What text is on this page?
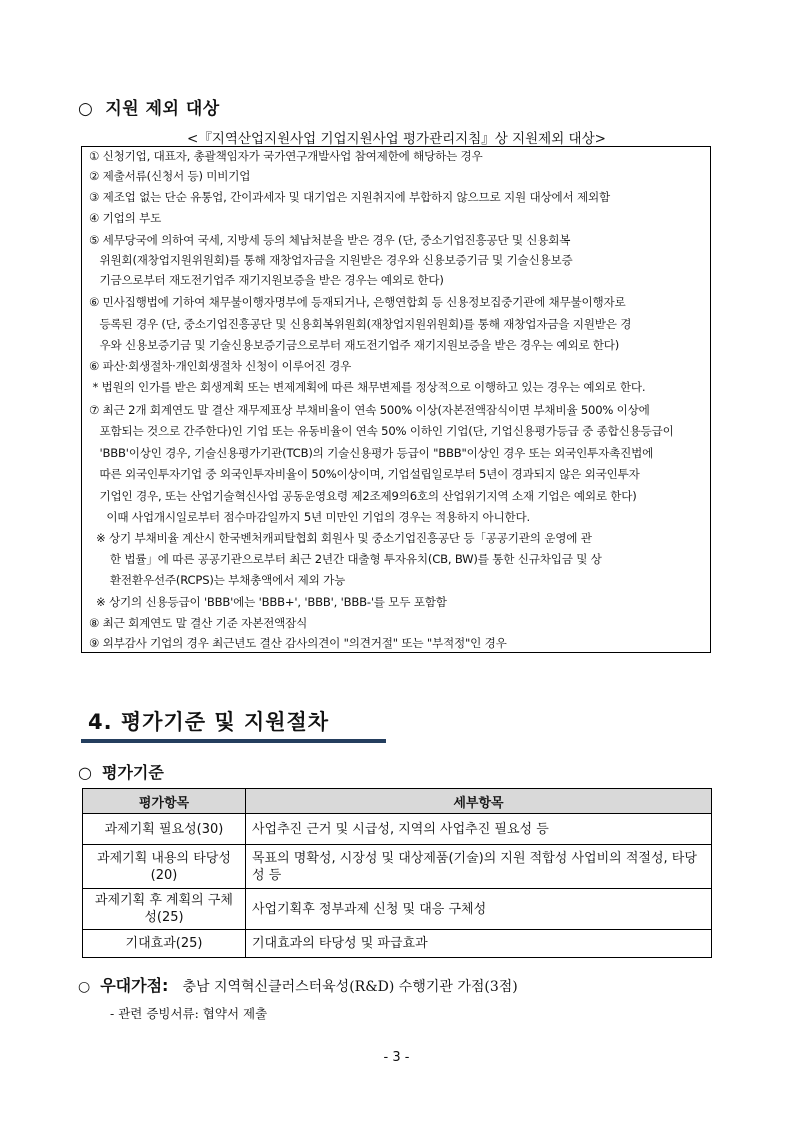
○ 지원 제외 대상
<『지역산업지원사업 기업지원사업 평가관리지침』상 지원제외 대상>
① 신청기업, 대표자, 총괄책임자가 국가연구개발사업 참여제한에 해당하는 경우
② 제출서류(신청서 등) 미비기업
③ 제조업 없는 단순 유통업, 간이과세자 및 대기업은 지원취지에 부합하지 않으므로 지원 대상에서 제외함
④ 기업의 부도
⑤ 세무당국에 의하여 국세, 지방세 등의 체납처분을 받은 경우 (단, 중소기업진흥공단 및 신용회복
위원회(재창업지원위원회)를 통해 재창업자금을 지원받은 경우와 신용보증기금 및 기술신용보증
기금으로부터 재도전기업주 재기지원보증을 받은 경우는 예외로 한다)
⑥ 민사집행법에 기하여 채무불이행자명부에 등재되거나, 은행연합회 등 신용정보집중기관에 채무불이행자로
등록된 경우 (단, 중소기업진흥공단 및 신용회복위원회(재창업지원위원회)를 통해 재창업자금을 지원받은 경
우와 신용보증기금 및 기술신용보증기금으로부터 재도전기업주 재기지원보증을 받은 경우는 예외로 한다)
⑥ 파산·회생절차·개인회생절차 신청이 이루어진 경우
* 법원의 인가를 받은 회생계획 또는 변제계획에 따른 채무변제를 정상적으로 이행하고 있는 경우는 예외로 한다.
⑦ 최근 2개 회계연도 말 결산 재무제표상 부채비율이 연속 500% 이상(자본전액잠식이면 부채비율 500% 이상에
포함되는 것으로 간주한다)인 기업 또는 유동비율이 연속 50% 이하인 기업(단, 기업신용평가등급 중 종합신용등급이
'BBB'이상인 경우, 기술신용평가기관(TCB)의 기술신용평가 등급이 "BBB"이상인 경우 또는 외국인투자촉진법에
따른 외국인투자기업 중 외국인투자비율이 50%이상이며, 기업설립일로부터 5년이 경과되지 않은 외국인투자
기업인 경우, 또는 산업기술혁신사업 공동운영요령 제2조제9의6호의 산업위기지역 소재 기업은 예외로 한다)
이때 사업개시일로부터 점수마감일까지 5년 미만인 기업의 경우는 적용하지 아니한다.
※ 상기 부채비율 계산시 한국벤처캐피탈협회 회원사 및 중소기업진흥공단 등「공공기관의 운영에 관
한 법률」에 따른 공공기관으로부터 최근 2년간 대출형 투자유치(CB, BW)를 통한 신규차입금 및 상
환전환우선주(RCPS)는 부채총액에서 제외 가능
※ 상기의 신용등급이 'BBB'에는 'BBB+', 'BBB', 'BBB-'를 모두 포함함
⑧ 최근 회계연도 말 결산 기준 자본전액잠식
⑨ 외부감사 기업의 경우 최근년도 결산 감사의견이 "의견거절" 또는 "부적정"인 경우
4. 평가기준 및 지원절차
○ 평가기준
평가항목	세부항목
과제기획 필요성(30)	사업추진 근거 및 시급성, 지역의 사업추진 필요성 등
과제기획 내용의 타당성(20)	목표의 명확성, 시장성 및 대상제품(기술)의 지원 적합성 사업비의 적절성, 타당성 등
과제기획 후 계획의 구체성(25)	사업기획후 정부과제 신청 및 대응 구체성
기대효과(25)	기대효과의 타당성 및 파급효과
○ 우대가점: 충남 지역혁신클러스터육성(R&D) 수행기관 가점(3점)
- 관련 증빙서류: 협약서 제출
- 3 -
